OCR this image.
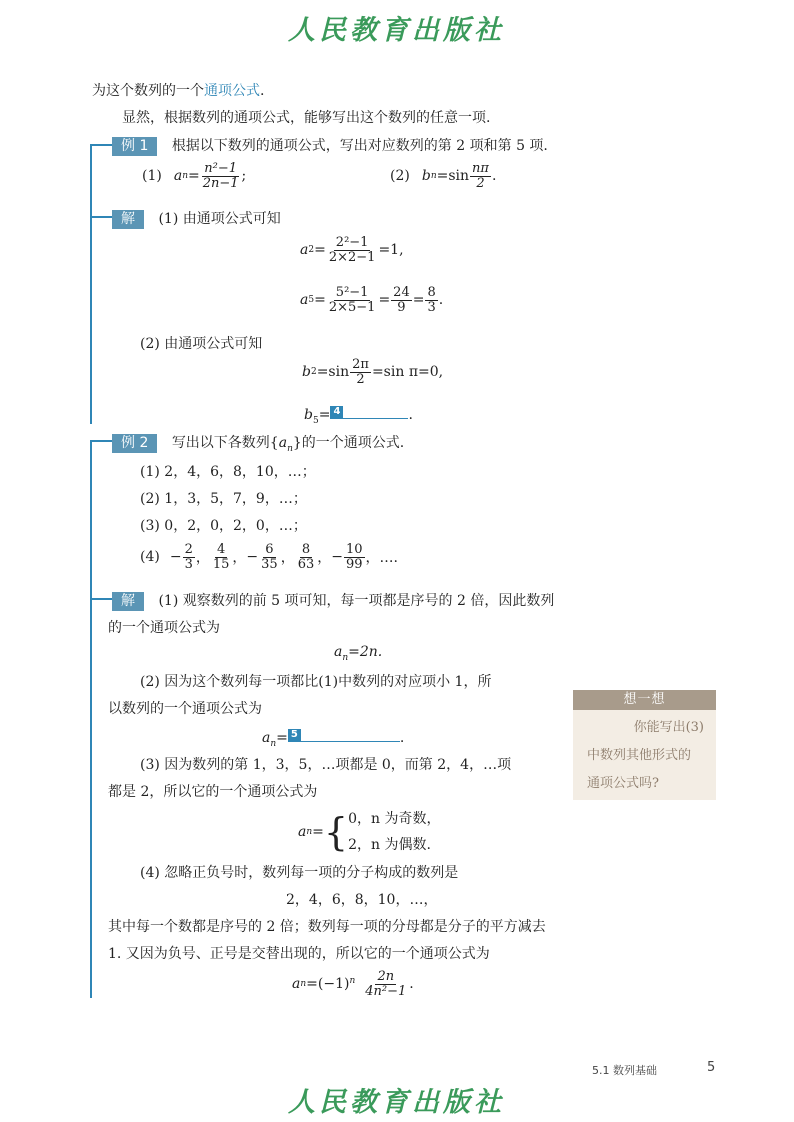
人民教育出版社
为这个数列的一个通项公式.
显然，根据数列的通项公式，能够写出这个数列的任意一项.
例 1 根据以下数列的通项公式，写出对应数列的第 2 项和第 5 项.
(1) a $n = \frac{\text{n²−1}}{2n-1}$ ;	(2) b $n =\sin \frac{n\pi}{2}$ .
解 (1) 由通项公式可知
a $2 = \frac{\text{2²−1}}{2\times 2-1} =1$,
a $5 = \frac{\text{5²−1}}{2\times 5-1} = \frac{24}{9} = \frac{8}{3}$ .
(2) 由通项公式可知
b $2 =\sin \frac{2\pi}{2} =\sin$ π=0,
$b_5= 4$	.
例 2 写出以下各数列$\{a_n\}$的一个通项公式.
(1) 2，4，6，8，10，…；
(2) 1，3，5，7，9，…；
(3) 0，2，0，2，0，…；
$(4) - \frac{2}{3}$ ， $\frac{4}{15}$ ， − $\frac{6}{35}$ ， $\frac{8}{63}$ ， − $\frac{10}{99}$ ，….
解 (1) 观察数列的前 5 项可知，每一项都是序号的 2 倍，因此数列
的一个通项公式为
$a_n=2n$.
(2) 因为这个数列每一项都比(1)中数列的对应项小 1，所
以数列的一个通项公式为
$a_n= 5$	.
(3) 因为数列的第 1，3，5，…项都是 0，而第 2，4，…项
都是 2，所以它的一个通项公式为
a n = { 0，n 为奇数，
2，n 为偶数.
(4) 忽略正负号时，数列每一项的分子构成的数列是
2，4，6，8，10，…，
其中每一个数都是序号的 2 倍；数列每一项的分母都是分子的平方减去
1. 又因为负号、正号是交替出现的，所以它的一个通项公式为
a $n =(-1)^n \frac{2n}{\text{4n²−1}}$ .
想一想
你能写出(3)
中数列其他形式的
通项公式吗?
5.1 数列基础	5
人民教育出版社
